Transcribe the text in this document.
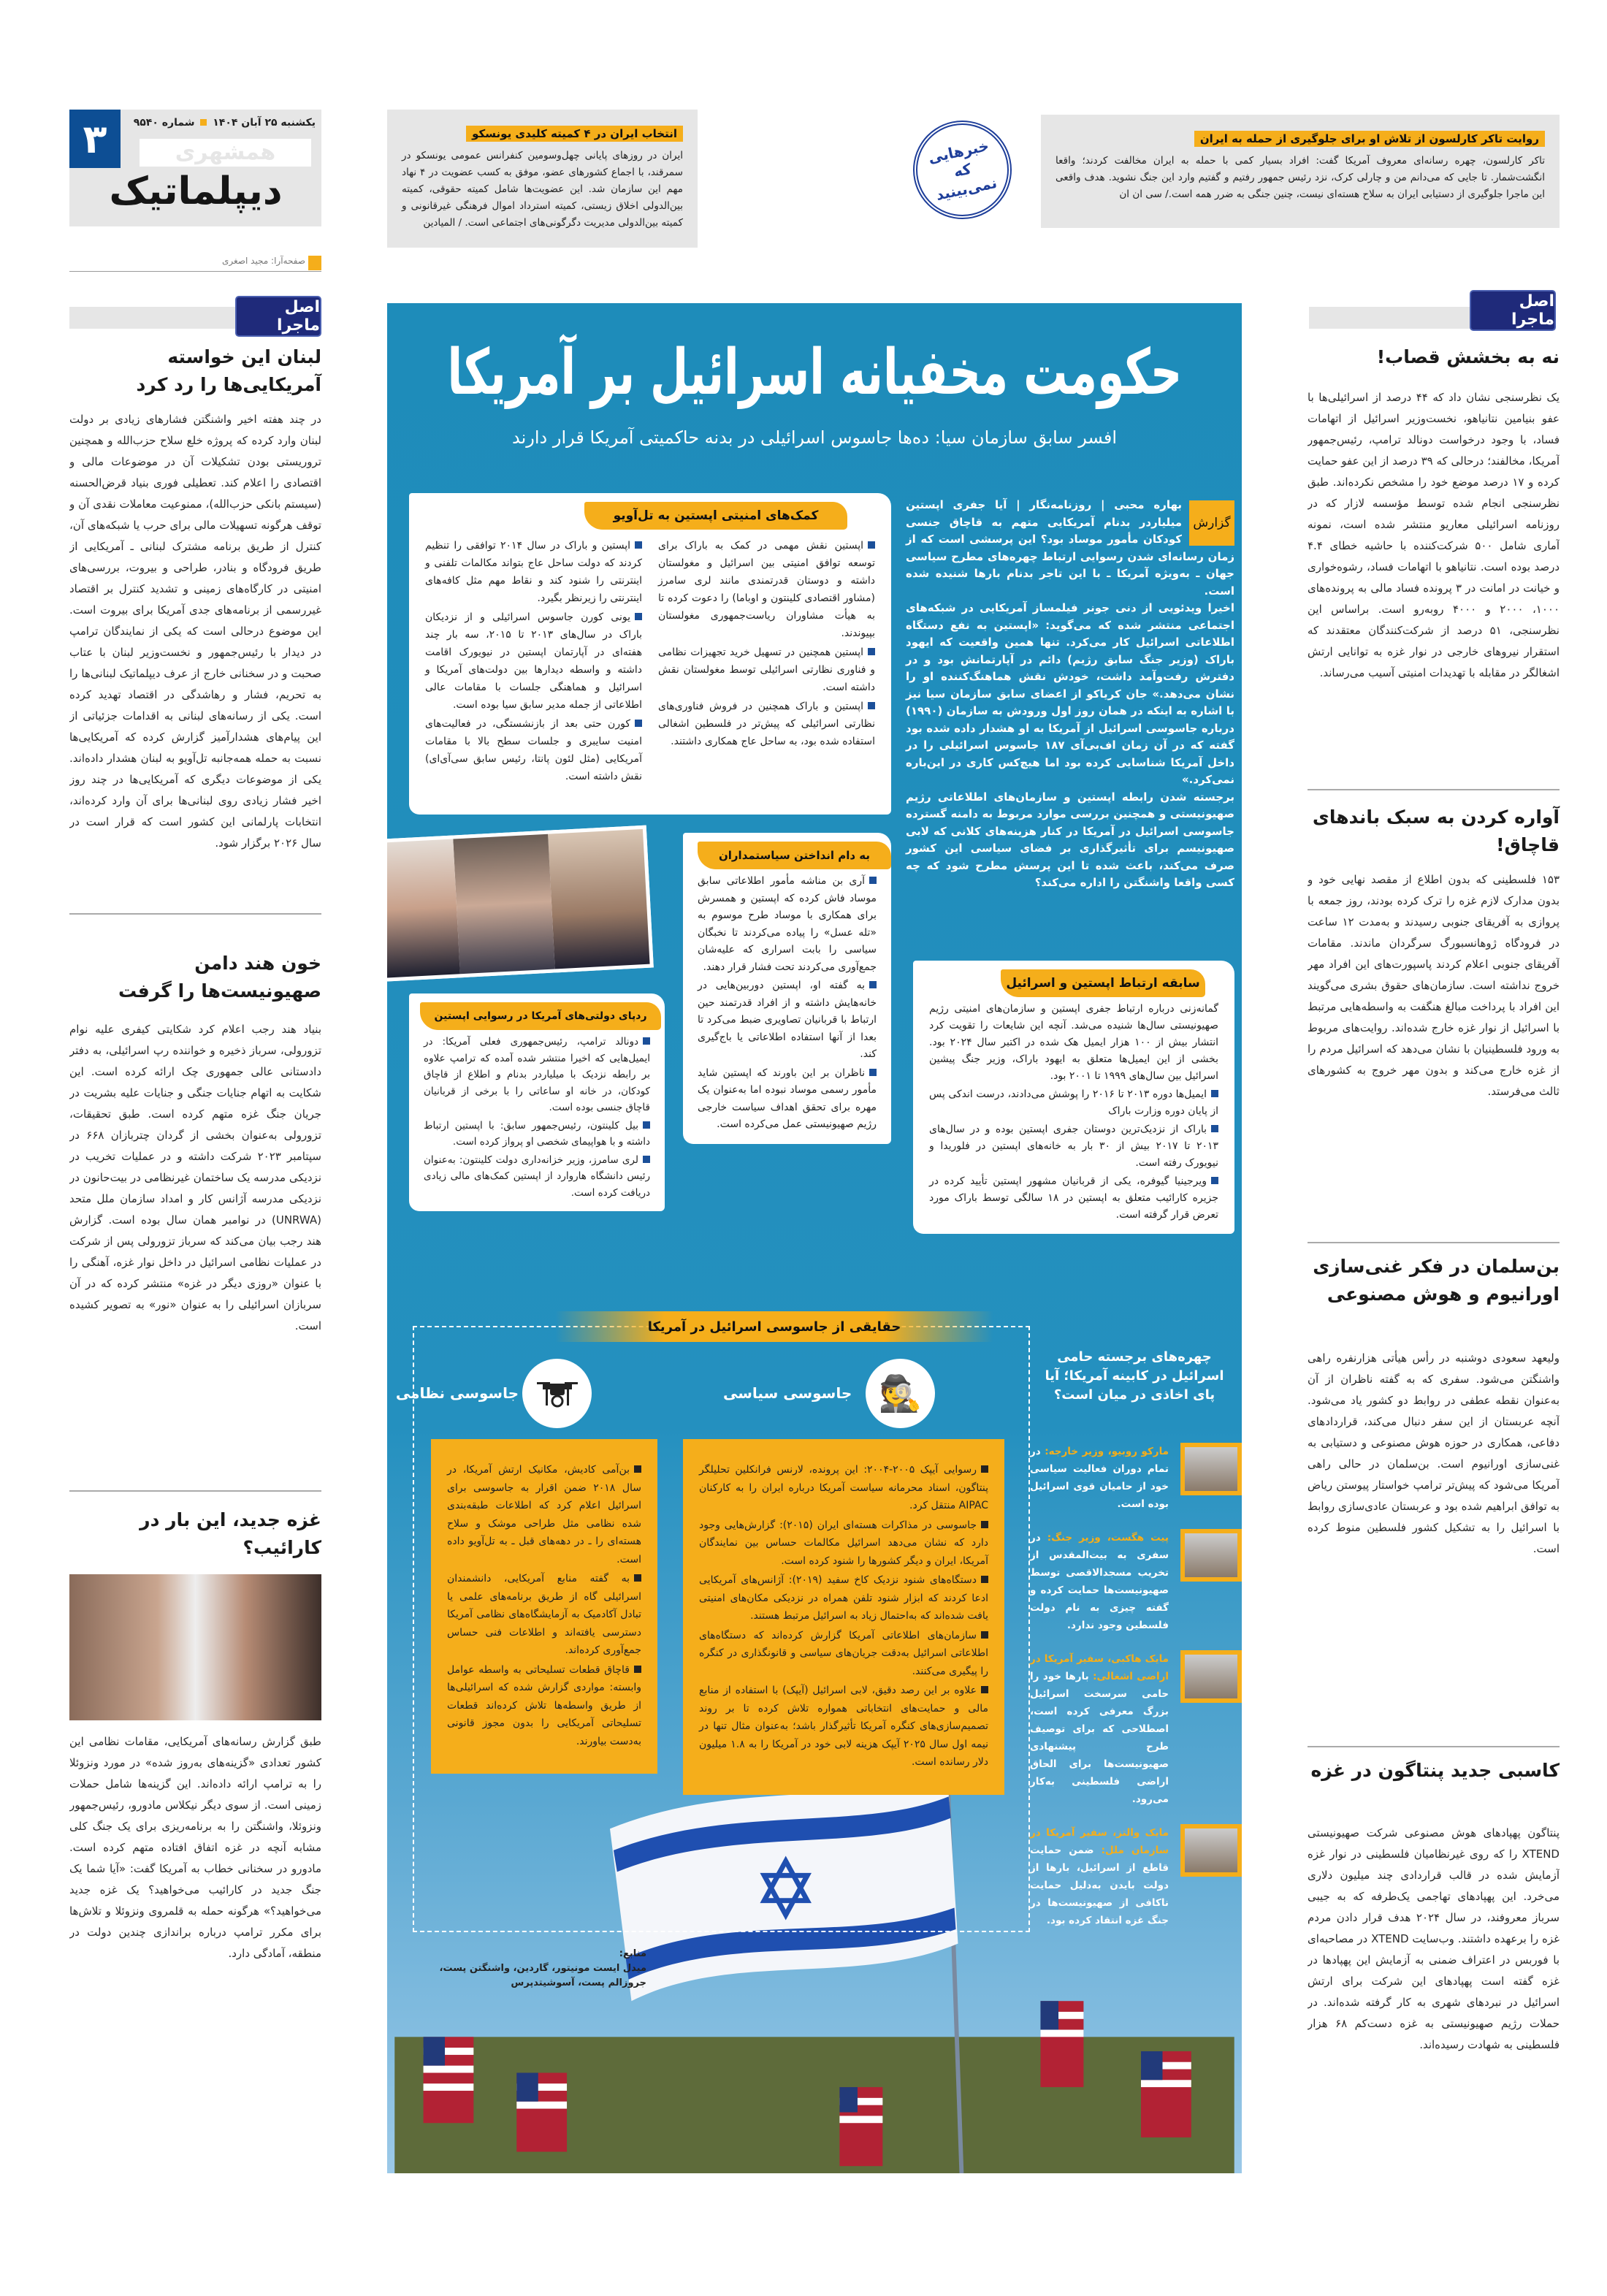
۳	یکشنبه ۲۵ آبان ۱۴۰۴  شماره ۹۵۴۰
همشهری
دیپلماتیک
صفحه‌آرا: مجید اصغری
انتخاب ایران در ۴ کمیته کلیدی یونسکو
ایران در روزهای پایانی چهل‌وسومین کنفرانس عمومی یونسکو در سمرقند، با اجماع کشورهای عضو، موفق به کسب عضویت در ۴ نهاد مهم این سازمان شد. این عضویت‌ها شامل کمیته حقوقی، کمیته بین‌الدولی اخلاق زیستی، کمیته استرداد اموال فرهنگی غیرقانونی و کمیته بین‌الدولی مدیریت دگرگونی‌های اجتماعی است. / المیادین
خبرهایی که نمی‌بینید
روایت تاکر کارلسون از تلاش او برای جلوگیری از حمله به ایران
تاکر کارلسون، چهره رسانه‌ای معروف آمریکا گفت: افراد بسیار کمی با حمله به ایران مخالفت کردند؛ واقعا انگشت‌شمار. تا جایی که می‌دانم من و چارلی کرک، نزد رئیس جمهور رفتیم و گفتیم وارد این جنگ نشوید. هدف واقعی این ماجرا جلوگیری از دستیابی ایران به سلاح هسته‌ای نیست، چنین جنگی به ضرر همه است./ سی ان ان
اصل ماجرا
لبنان این خواسته آمریکایی‌ها را رد کرد
در چند هفته اخیر واشنگتن فشارهای زیادی بر دولت لبنان وارد کرده که پروژه خلع سلاح حزب‌الله و همچنین تروریستی بودن تشکیلات آن در موضوعات مالی و اقتصادی را اعلام کند. تعطیلی فوری بنیاد قرض‌الحسنه (سیستم بانکی حزب‌الله)، ممنوعیت معاملات نقدی آن و توقف هرگونه تسهیلات مالی برای حرب یا شبکه‌های آن، کنترل از طریق برنامه مشترک لبنانی ـ آمریکایی از طریق فرودگاه و بنادر، طراحی و بیروت، بررسی‌های امنیتی در کارگاه‌های زمینی و تشدید کنترل بر اقتصاد غیررسمی از برنامه‌های جدی آمریکا برای بیروت است. این موضوع درحالی است که یکی از نمایندگان ترامپ در دیدار با رئیس‌جمهور و نخست‌وزیر لبنان با عتاب صحبت و در سخنانی خارج از عرف دیپلماتیک لبنانی‌ها را به تحریم، فشار و رهاشدگی در اقتصاد تهدید کرده است. یکی از رسانه‌های لبنانی به اقدامات جزئیاتی از این پیام‌های هشدارآمیز گزارش کرده که آمریکایی‌ها نسبت به حمله همه‌جانبه تل‌آویو به لبنان هشدار داده‌اند. یکی از موضوعات دیگری که آمریکایی‌ها در چند روز اخیر فشار زیادی روی لبنانی‌ها برای آن وارد کرده‌اند، انتخابات پارلمانی این کشور است که قرار است در سال ۲۰۲۶ برگزار شود.
خون هند دامن صهیونیست‌ها را گرفت
بنیاد هند رجب اعلام کرد شکایتی کیفری علیه نوام تزورولی، سرباز ذخیره و خواننده رپ اسرائیلی، به دفتر دادستانی عالی جمهوری چک ارائه کرده است. این شکایت به اتهام جنایات جنگی و جنایات علیه بشریت در جریان جنگ غزه متهم کرده است. طبق تحقیقات، تزورولی به‌عنوان بخشی از گردان چتربازان ۶۶۸ در سپتامبر ۲۰۲۳ شرکت داشته و در عملیات تخریب در نزدیکی مدرسه یک ساختمان غیرنظامی در بیت‌حانون در نزدیکی مدرسه آژانس کار و امداد سازمان ملل متحد (UNRWA) در نوامبر همان سال بوده است. گزارش هند رجب بیان می‌کند که سرباز تزورولی پس از شرکت در عملیات نظامی اسرائیل در داخل نوار غزه، آهنگی را با عنوان «روزی دیگر در غزه» منتشر کرده که در آن سربازان اسرائیلی را به عنوان «نور» به تصویر کشیده است.
غزه جدید، این بار در کارائیب؟
طبق گزارش رسانه‌های آمریکایی، مقامات نظامی این کشور تعدادی «گزینه‌های به‌روز شده» در مورد ونزوئلا را به ترامپ ارائه داده‌اند. این گزینه‌ها شامل حملات زمینی است. از سوی دیگر نیکلاس مادورو، رئیس‌جمهور ونزوئلا، واشنگتن را به برنامه‌ریزی برای یک جنگ کلی مشابه آنچه در غزه اتفاق افتاده متهم کرده است. مادورو در سخنانی خطاب به آمریکا گفت: «آیا شما یک جنگ جدید در کارائیب می‌خواهید؟ یک غزه جدید می‌خواهید؟» هرگونه حمله به قلمروی ونزوئلا و تلاش‌ها برای مکرر ترامپ درباره براندازی چندین دولت در منطقه، آمادگی دارد.
اصل ماجرا
نه به بخشش قصاب!
یک نظرسنجی نشان داد که ۴۴ درصد از اسرائیلی‌ها با عفو بنیامین نتانیاهو، نخست‌وزیر اسرائیل از اتهامات فساد، با وجود درخواست دونالد ترامپ، رئیس‌جمهور آمریکا، مخالفند؛ درحالی که ۳۹ درصد از این عفو حمایت کرده و ۱۷ درصد موضع خود را مشخص نکرده‌اند. طبق نظرسنجی انجام شده توسط مؤسسه لازار که در روزنامه اسرائیلی معاریو منتشر شده است، نمونه آماری شامل ۵۰۰ شرکت‌کننده با حاشیه خطای ۴.۴ درصد بوده است. نتانیاهو با اتهامات فساد، رشوه‌خواری و خیانت در امانت در ۳ پرونده فساد مالی به پرونده‌های ۱۰۰۰، ۲۰۰۰ و ۴۰۰۰ روبه‌رو است. براساس این نظرسنجی، ۵۱ درصد از شرکت‌کنندگان معتقدند که استقرار نیروهای خارجی در نوار غزه به توانایی ارتش اشغالگر در مقابله با تهدیدات امنیتی آسیب می‌رساند.
آواره کردن به سبک باندهای قاچاق!
۱۵۳ فلسطینی که بدون اطلاع از مقصد نهایی خود و بدون مدارک لازم غزه را ترک کرده بودند، روز جمعه با پروازی به آفریقای جنوبی رسیدند و به‌مدت ۱۲ ساعت در فرودگاه ژوهانسبورگ سرگردان ماندند. مقامات آفریقای جنوبی اعلام کردند پاسپورت‌های این افراد مهر خروج نداشته است. سازمان‌های حقوق بشری می‌گویند این افراد با پرداخت مبالغ هنگفت به واسطه‌هایی مرتبط با اسرائیل از نوار غزه خارج شده‌اند. روایت‌های مربوط به ورود فلسطینیان با نشان می‌دهد که اسرائیل مردم را از غزه خارج می‌کند و بدون مهر خروج به کشورهای ثالث می‌فرستد.
بن‌سلمان در فکر غنی‌سازی اورانیوم و هوش مصنوعی
ولیعهد سعودی دوشنبه در رأس هیأتی هزارنفره راهی واشنگتن می‌شود. سفری که به گفته ناظران از آن به‌عنوان نقطه عطفی در روابط دو کشور یاد می‌شود. آنچه عربستان از این سفر دنبال می‌کند، قراردادهای دفاعی، همکاری در حوزه هوش مصنوعی و دستیابی به غنی‌سازی اورانیوم است. بن‌سلمان در حالی راهی آمریکا می‌شود که پیش‌تر ترامپ خواستار پیوستن ریاض به توافق ابراهیم شده بود و عربستان عادی‌سازی روابط با اسرائیل را به تشکیل کشور فلسطین منوط کرده است.
کاسبی جدید پنتاگون در غزه
پنتاگون پهپادهای هوش مصنوعی شرکت صهیونیستی XTEND را که روی غیرنظامیان فلسطینی در نوار غزه آزمایش شده در قالب قراردادی چند میلیون دلاری می‌خرد. این پهپادهای تهاجمی یک‌طرفه که به جیبی سرباز معروفند، در سال ۲۰۲۴ هدف قرار دادن مردم غزه را برعهده داشتند. وب‌سایت XTEND در مصاحبه‌ای با فوربس در اعتراف ضمنی به آزمایش این پهپادها در غزه گفته است پهپادهای این شرکت برای ارتش اسرائیل در نبردهای شهری به کار گرفته شده‌اند. در حملات رژیم صهیونیستی به غزه دست‌کم ۶۸ هزار فلسطینی به شهادت رسیده‌اند.
حکومت مخفیانه اسرائیل بر آمریکا
افسر سابق سازمان سیا: ده‌ها جاسوس اسرائیلی در بدنه حاکمیتی آمریکا قرار دارند
گزارش

بهاره محبی | روزنامه‌نگار | آیا جفری اپستین میلیاردر بدنام آمریکایی متهم به قاچاق جنسی کودکان مأمور موساد بود؟ این پرسشی است که از زمان رسانه‌ای شدن رسوایی ارتباط چهره‌های مطرح سیاسی جهان ـ به‌ویژه آمریکا ـ با این تاجر بدنام بارها شنیده شده است.

اخیرا ویدئویی از دنی جونر فیلمساز آمریکایی در شبکه‌های اجتماعی منتشر شده که می‌گوید: «اپستین به نفع دستگاه اطلاعاتی اسرائیل کار می‌کرد. تنها همین واقعیت که ایهود باراک (وزیر جنگ سابق رژیم) دائم در آپارتمانش بود و در دفترش رفت‌وآمد داشت، خودش نقش هماهنگ‌کننده او را نشان می‌دهد.» جان کریاکو از اعضای سابق سازمان سیا نیز با اشاره به اینکه در همان روز اول ورودش به سازمان (۱۹۹۰) درباره جاسوسی اسرائیل از آمریکا به او هشدار داده شده بود گفته که در آن زمان اف‌بی‌آی ۱۸۷ جاسوس اسرائیلی را در داخل آمریکا شناسایی کرده بود اما هیچ‌کس کاری در این‌باره نمی‌کرد.»

برجسته شدن رابطه اپستین و سازمان‌های اطلاعاتی رژیم صهیونیستی و همچنین بررسی موارد مربوط به دامنه گسترده جاسوسی اسرائیل در آمریکا در کنار هزینه‌های کلانی که لابی صهیونیسم برای تأثیرگذاری بر فضای سیاسی این کشور صرف می‌کند، باعث شده تا این پرسش مطرح شود که چه کسی واقعا واشنگتن را اداره می‌کند؟

کمک‌های امنیتی اپستین به تل‌آویو
اپستین نقش مهمی در کمک به باراک برای توسعه توافق امنیتی بین اسرائیل و مغولستان داشته و دوستان قدرتمندی مانند لری سامرز (مشاور اقتصادی کلینتون و اوباما) را دعوت کرده تا به هیأت مشاوران ریاست‌جمهوری مغولستان بپیوندند.
اپستین همچنین در تسهیل خرید تجهیزات نظامی و فناوری نظارتی اسرائیلی توسط مغولستان نقش داشته است.
اپستین و باراک همچنین در فروش فناوری‌های نظارتی اسرائیلی که پیش‌تر در فلسطین اشغالی استفاده شده بود، به ساحل عاج همکاری داشتند.
اپستین و باراک در سال ۲۰۱۴ توافقی را تنظیم کردند که دولت ساحل عاج بتواند مکالمات تلفنی و اینترنتی را شنود کند و نقاط مهم مثل کافه‌های اینترنتی را زیرنظر بگیرد.
یونی کورن جاسوس اسرائیلی و از نزدیکان باراک در سال‌های ۲۰۱۳ تا ۲۰۱۵، سه بار چند هفته‌ای در آپارتمان اپستین در نیویورک اقامت داشته و واسطه دیدارها بین دولت‌های آمریکا و اسرائیل و هماهنگی جلسات با مقامات عالی اطلاعاتی از جمله مدیر سابق سیا بوده است.
کورن حتی بعد از بازنشستگی، در فعالیت‌های امنیت سایبری و جلسات سطح بالا با مقامات آمریکایی (مثل لئون پانتا، رئیس سابق سی‌آی‌ای) نقش داشته است.
به دام انداختن سیاستمداران
آری بن مناشه مأمور اطلاعاتی سابق موساد فاش کرده که اپستین و همسرش برای همکاری با موساد طرح موسوم به «تله عسل» را پیاده می‌کردند تا نخبگان سیاسی را بابت اسراری که علیه‌شان جمع‌آوری می‌کردند تحت فشار قرار دهند.
به گفته او، اپستین دوربین‌هایی در خانه‌هایش داشته و از افراد قدرتمند حین ارتباط با قربانیان تصاویری ضبط می‌کرد تا بعدا از آنها استفاده اطلاعاتی یا باج‌گیری کند.
ناظران بر این باورند که اپستین شاید مأمور رسمی موساد نبوده اما به‌عنوان یک مهره برای تحقق اهداف سیاست خارجی رژیم صهیونیستی عمل می‌کرده است.
سابقه ارتباط اپستین و اسرائیل
گمانه‌زنی درباره ارتباط جفری اپستین و سازمان‌های امنیتی رژیم صهیونیستی سال‌ها شنیده می‌شد. آنچه این شایعات را تقویت کرد انتشار بیش از ۱۰۰ هزار ایمیل هک شده در اکتبر سال ۲۰۲۴ بود. بخشی از این ایمیل‌ها متعلق به ایهود باراک، وزیر جنگ پیشین اسرائیل بین سال‌های ۱۹۹۹ تا ۲۰۰۱ بود.
ایمیل‌ها دوره ۲۰۱۳ تا ۲۰۱۶ را پوشش می‌دادند، درست اندکی پس از پایان دوره وزارت باراک
باراک از نزدیک‌ترین دوستان جفری اپستین بوده و در سال‌های ۲۰۱۳ تا ۲۰۱۷ بیش از ۳۰ بار به خانه‌های اپستین در فلوریدا و نیویورک رفته است.
ویرجینیا گیوفره، یکی از قربانیان مشهور اپستین تأیید کرده در جزیره کارائیب متعلق به اپستین در ۱۸ سالگی توسط باراک مورد تعرض قرار گرفته است.
ردپای دولتی‌های آمریکا در رسوایی اپستین
دونالد ترامپ، رئیس‌جمهوری فعلی آمریکا: در ایمیل‌هایی که اخیرا منتشر شده آمده که ترامپ علاوه بر رابطه نزدیک با میلیاردر بدنام و اطلاع از قاچاق کودکان، در خانه او ساعاتی را با برخی از قربانیان قاچاق جنسی بوده است.
بیل کلینتون، رئیس‌جمهور سابق: با اپستین ارتباط داشته و با هواپیمای شخصی او پرواز کرده است.
لری سامرز، وزیر خزانه‌داری دولت کلینتون: به‌عنوان رئیس دانشگاه هاروارد از اپستین کمک‌های مالی زیادی دریافت کرده است.
حقایقی از جاسوسی اسرائیل در آمریکا
🕵
جاسوسی سیاسی
رسوایی آیپک ۲۰۰۵-۲۰۰۴: این پرونده، لارنس فرانکلین تحلیلگر پنتاگون، اسناد محرمانه سیاست آمریکا درباره ایران را به کارکنان AIPAC منتقل کرد.
جاسوسی در مذاکرات هسته‌ای ایران (۲۰۱۵): گزارش‌هایی وجود دارد که نشان می‌دهد اسرائیل مکالمات حساس بین نمایندگان آمریکا، ایران و دیگر کشورها را شنود کرده است.
دستگاه‌های شنود نزدیک کاخ سفید (۲۰۱۹): آژانس‌های آمریکایی ادعا کردند که ابزار شنود تلفن همراه در نزدیکی مکان‌های امنیتی یافت شده‌اند که به‌احتمال زیاد به اسرائیل مرتبط هستند.
سازمان‌های اطلاعاتی آمریکا گزارش کرده‌اند که دستگاه‌های اطلاعاتی اسرائیل به‌دقت جریان‌های سیاسی و قانونگذاری در کنگره را پیگیری می‌کنند.
علاوه بر این رصد دقیق، لابی اسرائیل (آیپک) با استفاده از منابع مالی و حمایت‌های انتخاباتی همواره تلاش کرده تا بر روند تصمیم‌سازی‌های کنگره آمریکا تأثیرگذار باشد؛ به‌عنوان مثال تنها در نیمه اول سال ۲۰۲۵ آیپک هزینه لابی خود در آمریکا را به ۱.۸ میلیون دلار رسانده است.
جاسوسی نظامی
بن‌آمی کادیش، مکانیک ارتش آمریکا، در سال ۲۰۱۸ ضمن اقرار به جاسوسی برای اسرائیل اعلام کرد که اطلاعات طبقه‌بندی شده نظامی مثل طراحی موشک و سلاح هسته‌ای را ـ در دهه‌های قبل ـ به تل‌آویو داده است.
به گفته منابع آمریکایی، دانشمندان اسرائیلی گاه از طریق برنامه‌های علمی یا تبادل آکادمیک به آزمایشگاه‌های نظامی آمریکا دسترسی یافته‌اند و اطلاعات فنی حساس جمع‌آوری کرده‌اند.
قاچاق قطعات تسلیحاتی به واسطه عوامل وابسته: مواردی گزارش شده که اسرائیلی‌ها از طریق واسطه‌ها تلاش کرده‌اند قطعات تسلیحاتی آمریکایی را بدون مجوز قانونی به‌دست بیاورند.
منابع:
میدل ایست مونیتور، گاردین، واشنگتن پست، جروزالم پست، آسوشیتدپرس
چهره‌های برجسته حامی اسرائیل در کابینه آمریکا؛ آیا پای اخاذی در میان است؟
مارکو روبیو، وزیر خارجه: در تمام دوران فعالیت سیاسی خود از حامیان قوی اسرائیل بوده است.
پیت هگست، وزیر جنگ: در سفری به بیت‌المقدس از تخریب مسجدالاقصی توسط صهیونیست‌ها حمایت کرده و گفته چیزی به نام دولت فلسطین وجود ندارد.
مایک هاکبی، سفیر آمریکا در اراضی اشغالی: بارها خود را حامی سرسخت اسرائیل بزرگ معرفی کرده است، اصطلاحی که برای توصیف طرح پیشنهادی صهیونیست‌ها برای الحاق اراضی فلسطینی به‌کار می‌رود.
مایک والتز، سفیر آمریکا در سازمان ملل: ضمن حمایت قاطع از اسرائیل، بارها از دولت بایدن به‌دلیل حمایت ناکافی از صهیونیست‌ها در جنگ غزه انتقاد کرده بود.
